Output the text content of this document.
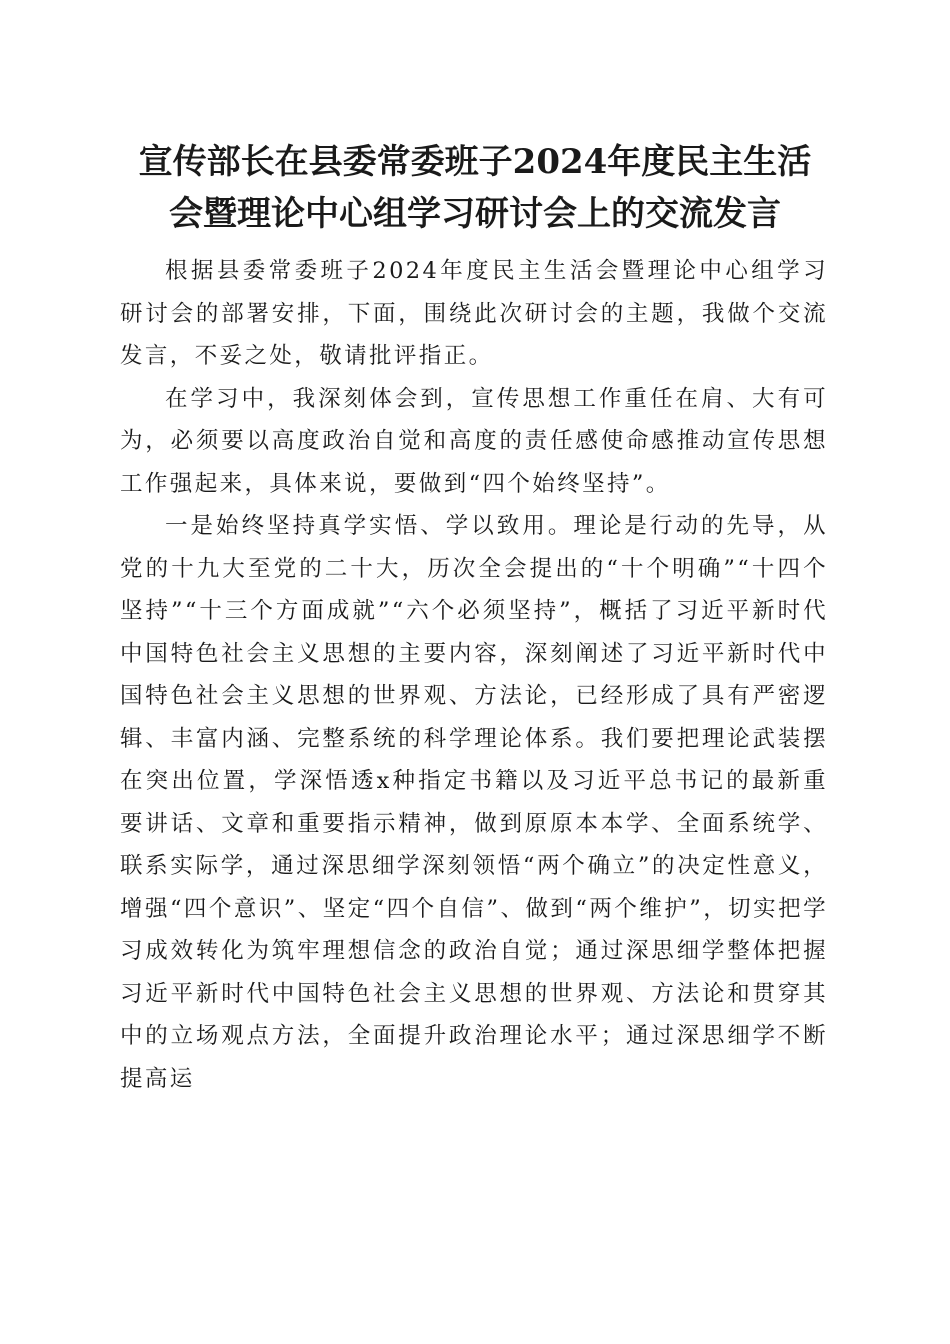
宣传部长在县委常委班子2024年度民主生活
会暨理论中心组学习研讨会上的交流发言

根据县委常委班子2024年度民主生活会暨理论中心组学习研讨会的部署安排，下面，围绕此次研讨会的主题，我做个交流发言，不妥之处，敬请批评指正。

在学习中，我深刻体会到，宣传思想工作重任在肩、大有可为，必须要以高度政治自觉和高度的责任感使命感推动宣传思想工作强起来，具体来说，要做到“四个始终坚持”。

一是始终坚持真学实悟、学以致用。理论是行动的先导，从党的十九大至党的二十大，历次全会提出的“十个明确”“十四个坚持”“十三个方面成就”“六个必须坚持”，概括了习近平新时代中国特色社会主义思想的主要内容，深刻阐述了习近平新时代中国特色社会主义思想的世界观、方法论，已经形成了具有严密逻辑、丰富内涵、完整系统的科学理论体系。我们要把理论武装摆在突出位置，学深悟透x种指定书籍以及习近平总书记的最新重要讲话、文章和重要指示精神，做到原原本本学、全面系统学、联系实际学，通过深思细学深刻领悟“两个确立”的决定性意义，增强“四个意识”、坚定“四个自信”、做到“两个维护”，切实把学习成效转化为筑牢理想信念的政治自觉；通过深思细学整体把握习近平新时代中国特色社会主义思想的世界观、方法论和贯穿其中的立场观点方法，全面提升政治理论水平；通过深思细学不断提高运
